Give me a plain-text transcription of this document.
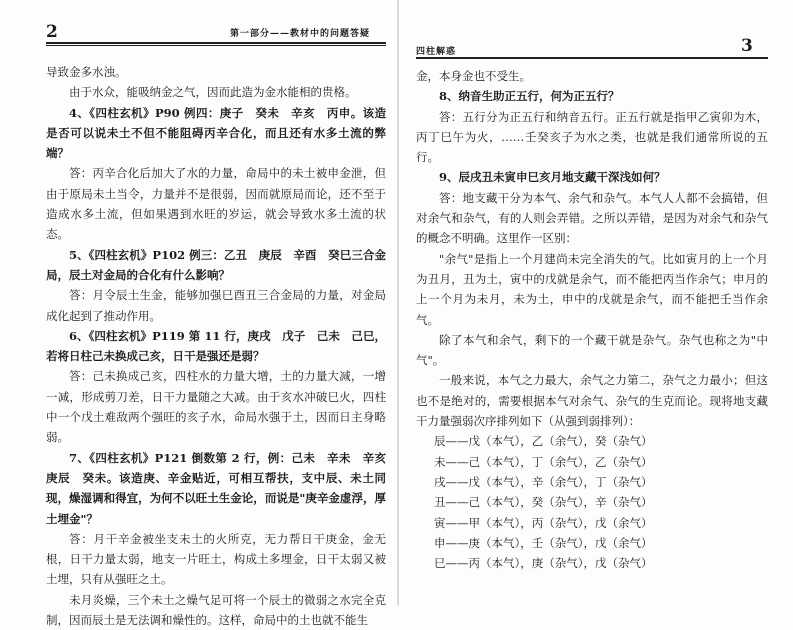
2	第一部分——教材中的问题答疑

导致金多水浊。

由于水众，能吸纳金之气，因而此造为金水能相的贵格。

4、《四柱玄机》P90 例四：庚子　癸未　辛亥　丙申。该造是否可以说未土不但不能阻碍丙辛合化，而且还有水多土流的弊端？

答：丙辛合化后加大了水的力量，命局中的未土被申金泄，但由于原局未土当令，力量并不是很弱，因而就原局而论，还不至于造成水多土流，但如果遇到水旺的岁运，就会导致水多土流的状态。

5、《四柱玄机》P102 例三：乙丑　庚辰　辛酉　癸巳三合金局，辰土对金局的合化有什么影响？

答：月令辰土生金，能够加强巳酉丑三合金局的力量，对金局成化起到了推动作用。

6、《四柱玄机》P119 第 11 行，庚戌　戊子　己未　己巳，若将日柱己未换成己亥，日干是强还是弱？

答：己未换成己亥，四柱水的力量大增，土的力量大减，一增一减，形成剪刀差，日干力量随之大减。由于亥水冲破巳火，四柱中一个戊土难敌两个强旺的亥子水，命局水强于土，因而日主身略弱。

7、《四柱玄机》P121 倒数第 2 行，例：己未　辛未　辛亥　庚辰　癸未。该造庚、辛金贴近，可相互帮扶，支中辰、未土同现，燥湿调和得宜，为何不以旺土生金论，而说是"庚辛金虚浮，厚土埋金"？

答：月干辛金被坐支未土的火所克，无力帮日干庚金，金无根，日干力量太弱，地支一片旺土，构成土多埋金，日干太弱又被土埋，只有从强旺之土。

未月炎燥，三个未土之燥气足可将一个辰土的微弱之水完全克制，因而辰土是无法调和燥性的。这样，命局中的土也就不能生

四柱解惑	3

金，本身金也不受生。

8、纳音生助正五行，何为正五行？

答：五行分为正五行和纳音五行。正五行就是指甲乙寅卯为木，丙丁巳午为火，……壬癸亥子为水之类，也就是我们通常所说的五行。

9、辰戌丑未寅申巳亥月地支藏干深浅如何？

答：地支藏干分为本气、余气和杂气。本气人人都不会搞错，但对余气和杂气，有的人则会弄错。之所以弄错，是因为对余气和杂气的概念不明确。这里作一区别：

"余气"是指上一个月建尚未完全消失的气。比如寅月的上一个月为丑月，丑为土，寅中的戊就是余气，而不能把丙当作余气；申月的上一个月为未月，未为土，申中的戊就是余气，而不能把壬当作余气。

除了本气和余气，剩下的一个藏干就是杂气。杂气也称之为"中气"。

一般来说，本气之力最大，余气之力第二，杂气之力最小；但这也不是绝对的，需要根据本气对余气、杂气的生克而论。现将地支藏干力量强弱次序排列如下（从强到弱排列）：

辰——戊（本气），乙（余气），癸（杂气）

未——己（本气），丁（余气），乙（杂气）

戌——戊（本气），辛（余气），丁（杂气）

丑——己（本气），癸（杂气），辛（杂气）

寅——甲（本气），丙（杂气），戊（余气）

申——庚（本气），壬（杂气），戊（余气）

巳——丙（本气），庚（杂气），戊（杂气）
